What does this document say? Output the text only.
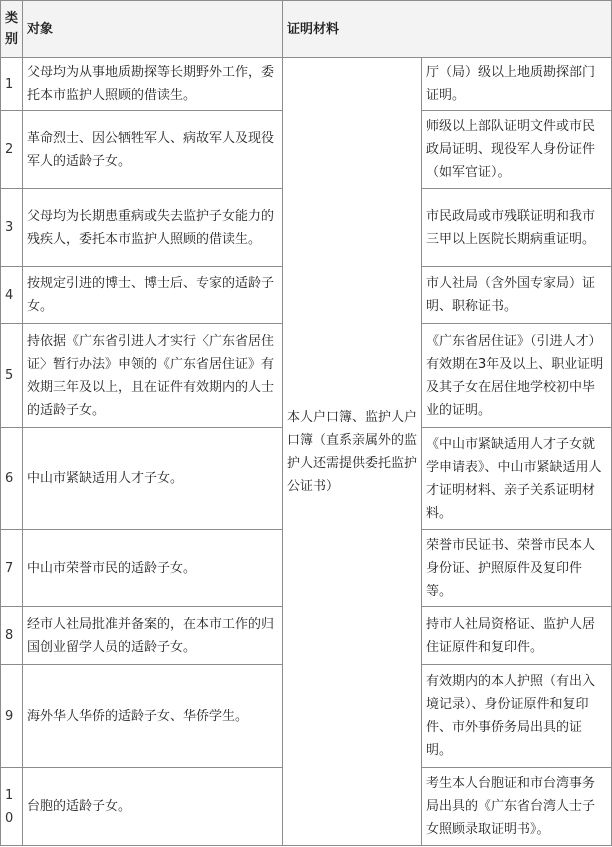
类别	对象	证明材料	
1	父母均为从事地质勘探等长期野外工作，委托本市监护人照顾的借读生。	本人户口簿、监护人户口簿（直系亲属外的监护人还需提供委托监护公证书）	厅（局）级以上地质勘探部门证明。
2	革命烈士、因公牺牲军人、病故军人及现役军人的适龄子女。		师级以上部队证明文件或市民政局证明、现役军人身份证件（如军官证）。
3	父母均为长期患重病或失去监护子女能力的残疾人，委托本市监护人照顾的借读生。		市民政局或市残联证明和我市三甲以上医院长期病重证明。
4	按规定引进的博士、博士后、专家的适龄子女。		市人社局（含外国专家局）证明、职称证书。
5	持依据《广东省引进人才实行〈广东省居住证〉暂行办法》申领的《广东省居住证》有效期三年及以上，且在证件有效期内的人士的适龄子女。		《广东省居住证》（引进人才）有效期在3年及以上、职业证明及其子女在居住地学校初中毕业的证明。
6	中山市紧缺适用人才子女。		《中山市紧缺适用人才子女就学申请表》、中山市紧缺适用人才证明材料、亲子关系证明材料。
7	中山市荣誉市民的适龄子女。		荣誉市民证书、荣誉市民本人身份证、护照原件及复印件等。
8	经市人社局批准并备案的，在本市工作的归国创业留学人员的适龄子女。		持市人社局资格证、监护人居住证原件和复印件。
9	海外华人华侨的适龄子女、华侨学生。		有效期内的本人护照（有出入境记录）、身份证原件和复印件、市外事侨务局出具的证明。
10	台胞的适龄子女。		考生本人台胞证和市台湾事务局出具的《广东省台湾人士子女照顾录取证明书》。
